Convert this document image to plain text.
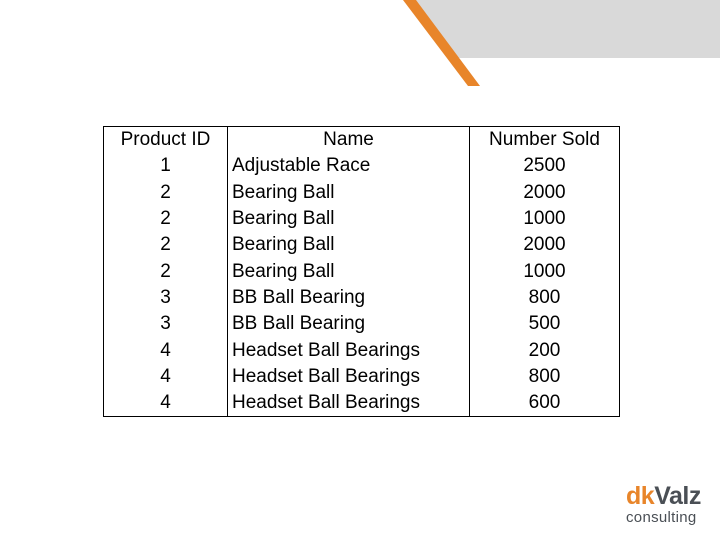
Product ID	Name	Number Sold
1	Adjustable Race	2500
2	Bearing Ball	2000
2	Bearing Ball	1000
2	Bearing Ball	2000
2	Bearing Ball	1000
3	BB Ball Bearing	800
3	BB Ball Bearing	500
4	Headset Ball Bearings	200
4	Headset Ball Bearings	800
4	Headset Ball Bearings	600
dkValz
consulting
